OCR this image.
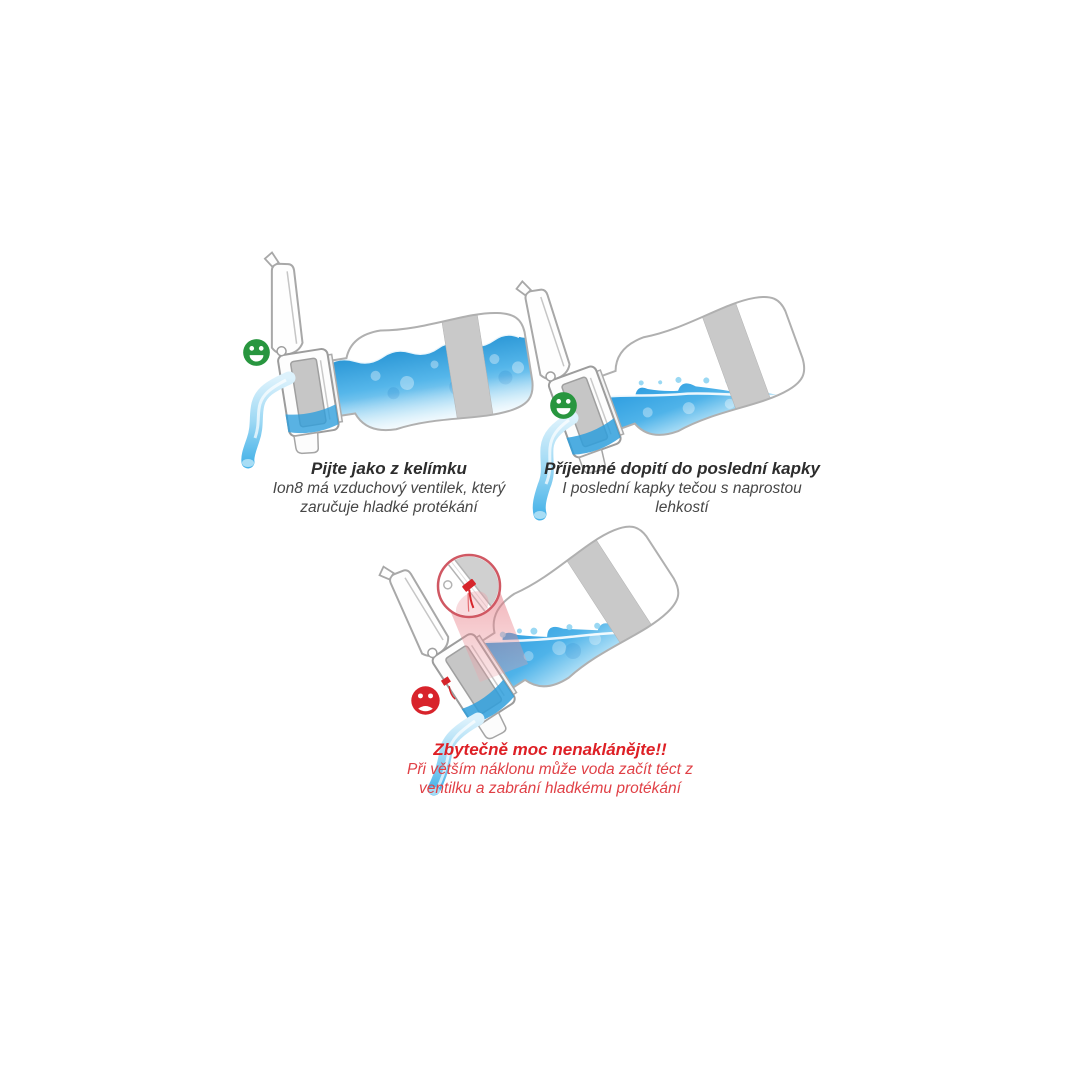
Pijte jako z kelímku
Ion8 má vzduchový ventilek, který
zaručuje hladké protékání
Příjemné dopití do poslední kapky
I poslední kapky tečou s naprostou
lehkostí
Zbytečně moc nenaklánějte!!
Při větším náklonu může voda začít téct z
ventilku a zabrání hladkému protékání
